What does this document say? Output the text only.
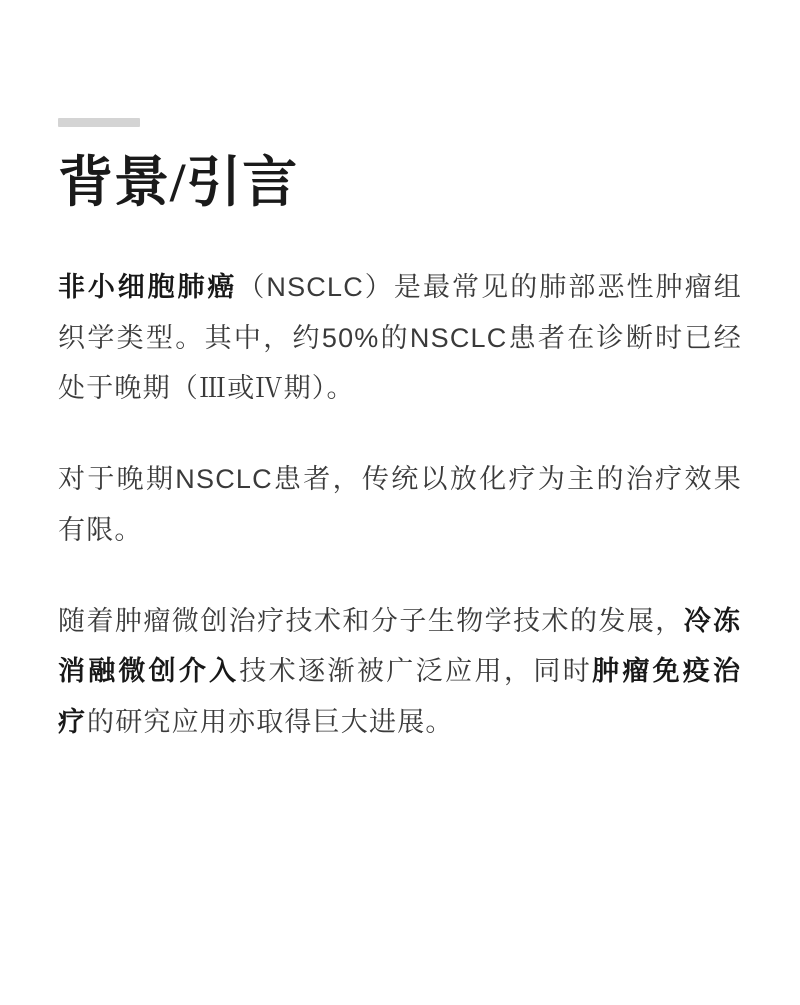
背景/引言

非小细胞肺癌（NSCLC）是最常见的肺部恶性肿瘤组织学类型。其中，约50%的NSCLC患者在诊断时已经处于晚期（Ⅲ或Ⅳ期）。

对于晚期NSCLC患者，传统以放化疗为主的治疗效果有限。

随着肿瘤微创治疗技术和分子生物学技术的发展，冷冻消融微创介入技术逐渐被广泛应用，同时肿瘤免疫治疗的研究应用亦取得巨大进展。
